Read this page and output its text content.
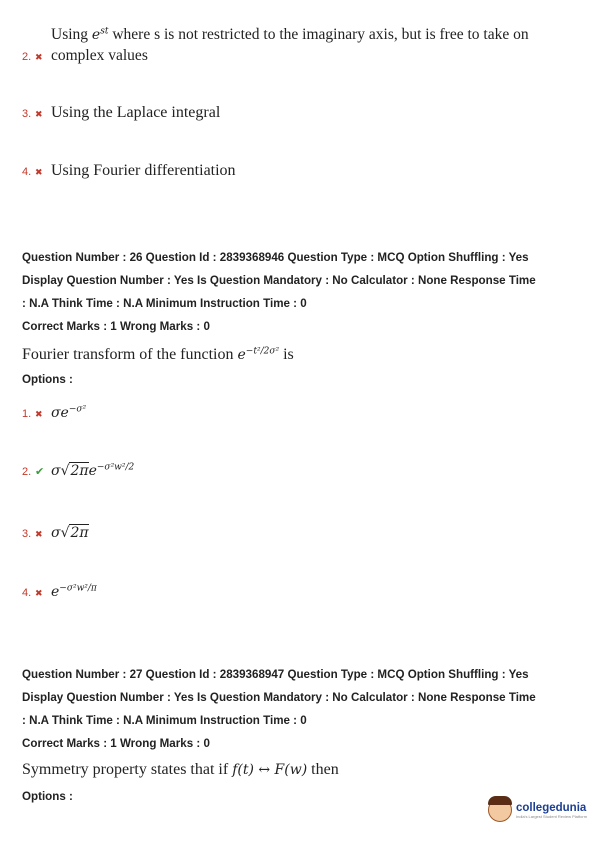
Using $e^{st}$ where s is not restricted to the imaginary axis, but is free to take on
2. ✖ complex values
3. ✖ Using the Laplace integral
4. ✖ Using Fourier differentiation
Question Number : 26 Question Id : 2839368946 Question Type : MCQ Option Shuffling : Yes
Display Question Number : Yes Is Question Mandatory : No Calculator : None Response Time
: N.A Think Time : N.A Minimum Instruction Time : 0
Correct Marks : 1 Wrong Marks : 0
Fourier transform of the function $e^{-t^2/2\sigma^2}$ is
Options :
1. ✖ $\sigma e^{-\sigma^2}$
2. ✔ $\sigma√2\pi e^{-\sigma^2w^2/2}$
3. ✖ σ√2π
4. ✖ $e^{-\sigma^2w^2/\pi}$
Question Number : 27 Question Id : 2839368947 Question Type : MCQ Option Shuffling : Yes
Display Question Number : Yes Is Question Mandatory : No Calculator : None Response Time
: N.A Think Time : N.A Minimum Instruction Time : 0
Correct Marks : 1 Wrong Marks : 0
Symmetry property states that if f(t) ↔ F(w) then
Options :
collegedunia
India's Largest Student Review Platform
